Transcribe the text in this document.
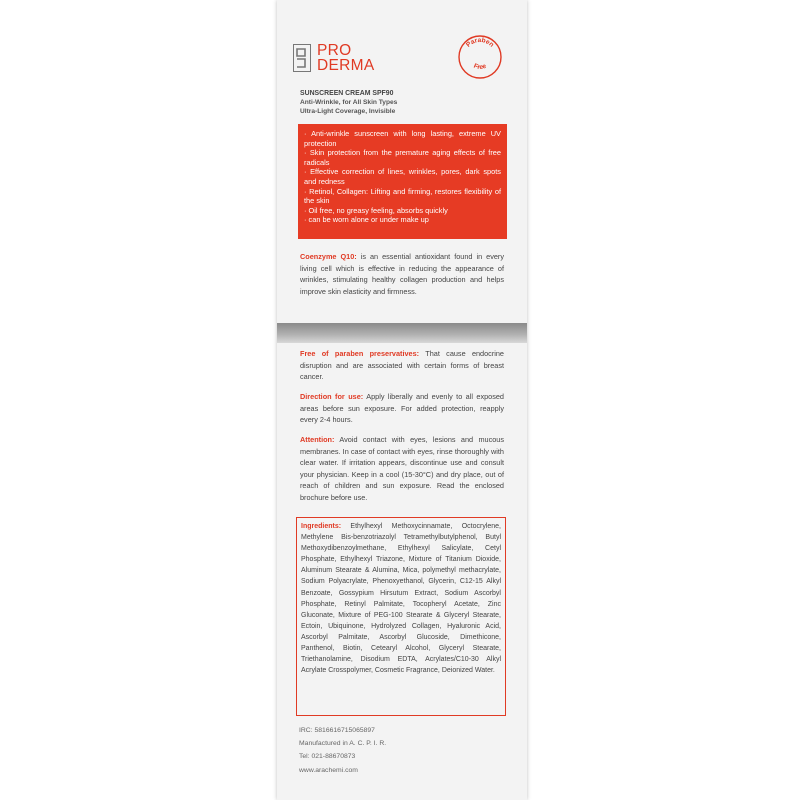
PRO
DERMA
Paraben
Free
SUNSCREEN CREAM SPF90
Anti-Wrinkle, for All Skin Types
Ultra-Light Coverage, Invisible
· Anti-wrinkle sunscreen with long lasting, extreme UV protection
· Skin protection from the premature aging effects of free radicals
· Effective correction of lines, wrinkles, pores, dark spots and redness
· Retinol, Collagen: Lifting and firming, restores flexibility of the skin
· Oil free, no greasy feeling, absorbs quickly
· can be worn alone or under make up
Coenzyme Q10: is an essential antioxidant found in every living cell which is effective in reducing the appearance of wrinkles, stimulating healthy collagen production and helps improve skin elasticity and firmness.
Free of paraben preservatives: That cause endocrine disruption and are associated with certain forms of breast cancer.
Direction for use: Apply liberally and evenly to all exposed areas before sun exposure. For added protection, reapply every 2-4 hours.
Attention: Avoid contact with eyes, lesions and mucous membranes. In case of contact with eyes, rinse thoroughly with clear water. If irritation appears, discontinue use and consult your physician. Keep in a cool (15-30°C) and dry place, out of reach of children and sun exposure. Read the enclosed brochure before use.
Ingredients: Ethylhexyl Methoxycinnamate, Octocrylene, Methylene Bis-benzotriazolyl Tetramethylbutylphenol, Butyl Methoxydibenzoylmethane, Ethylhexyl Salicylate, Cetyl Phosphate, Ethylhexyl Triazone, Mixture of Titanium Dioxide, Aluminum Stearate & Alumina, Mica, polymethyl methacrylate, Sodium Polyacrylate, Phenoxyethanol, Glycerin, C12-15 Alkyl Benzoate, Gossypium Hirsutum Extract, Sodium Ascorbyl Phosphate, Retinyl Palmitate, Tocopheryl Acetate, Zinc Gluconate, Mixture of PEG-100 Stearate & Glyceryl Stearate, Ectoin, Ubiquinone, Hydrolyzed Collagen, Hyaluronic Acid, Ascorbyl Palmitate, Ascorbyl Glucoside, Dimethicone, Panthenol, Biotin, Cetearyl Alcohol, Glyceryl Stearate, Triethanolamine, Disodium EDTA, Acrylates/C10-30 Alkyl Acrylate Crosspolymer, Cosmetic Fragrance, Deionized Water.
IRC: 5816616715065897
Manufactured in A. C. P. I. R.
Tel: 021-88670873
www.arachemi.com
